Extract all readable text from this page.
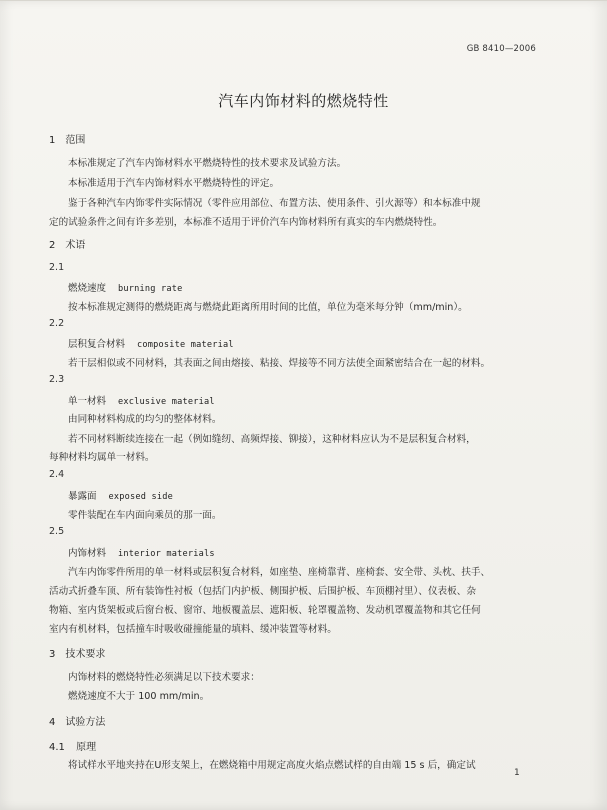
GB 8410—2006
汽车内饰材料的燃烧特性
1　范围
本标准规定了汽车内饰材料水平燃烧特性的技术要求及试验方法。
本标准适用于汽车内饰材料水平燃烧特性的评定。
鉴于各种汽车内饰零件实际情况（零件应用部位、布置方法、使用条件、引火源等）和本标准中规
定的试验条件之间有许多差别，本标准不适用于评价汽车内饰材料所有真实的车内燃烧特性。
2　术语
2.1
燃烧速度 burning rate
按本标准规定测得的燃烧距离与燃烧此距离所用时间的比值，单位为毫米每分钟（mm/min）。
2.2
层积复合材料 composite material
若干层相似或不同材料，其表面之间由熔接、粘接、焊接等不同方法使全面紧密结合在一起的材料。
2.3
单一材料 exclusive material
由同种材料构成的均匀的整体材料。
若不同材料断续连接在一起（例如缝纫、高频焊接、铆接），这种材料应认为不是层积复合材料，
每种材料均属单一材料。
2.4
暴露面 exposed side
零件装配在车内面向乘员的那一面。
2.5
内饰材料 interior materials
汽车内饰零件所用的单一材料或层积复合材料，如座垫、座椅靠背、座椅套、安全带、头枕、扶手、
活动式折叠车顶、所有装饰性衬板（包括门内护板、侧围护板、后围护板、车顶棚衬里）、仪表板、杂
物箱、室内货架板或后窗台板、窗帘、地板覆盖层、遮阳板、轮罩覆盖物、发动机罩覆盖物和其它任何
室内有机材料，包括撞车时吸收碰撞能量的填料、缓冲装置等材料。
3　技术要求
内饰材料的燃烧特性必须满足以下技术要求：
燃烧速度不大于 100 mm/min。
4　试验方法
4.1 原理
将试样水平地夹持在U形支架上，在燃烧箱中用规定高度火焰点燃试样的自由端 15 s 后，确定试
1
